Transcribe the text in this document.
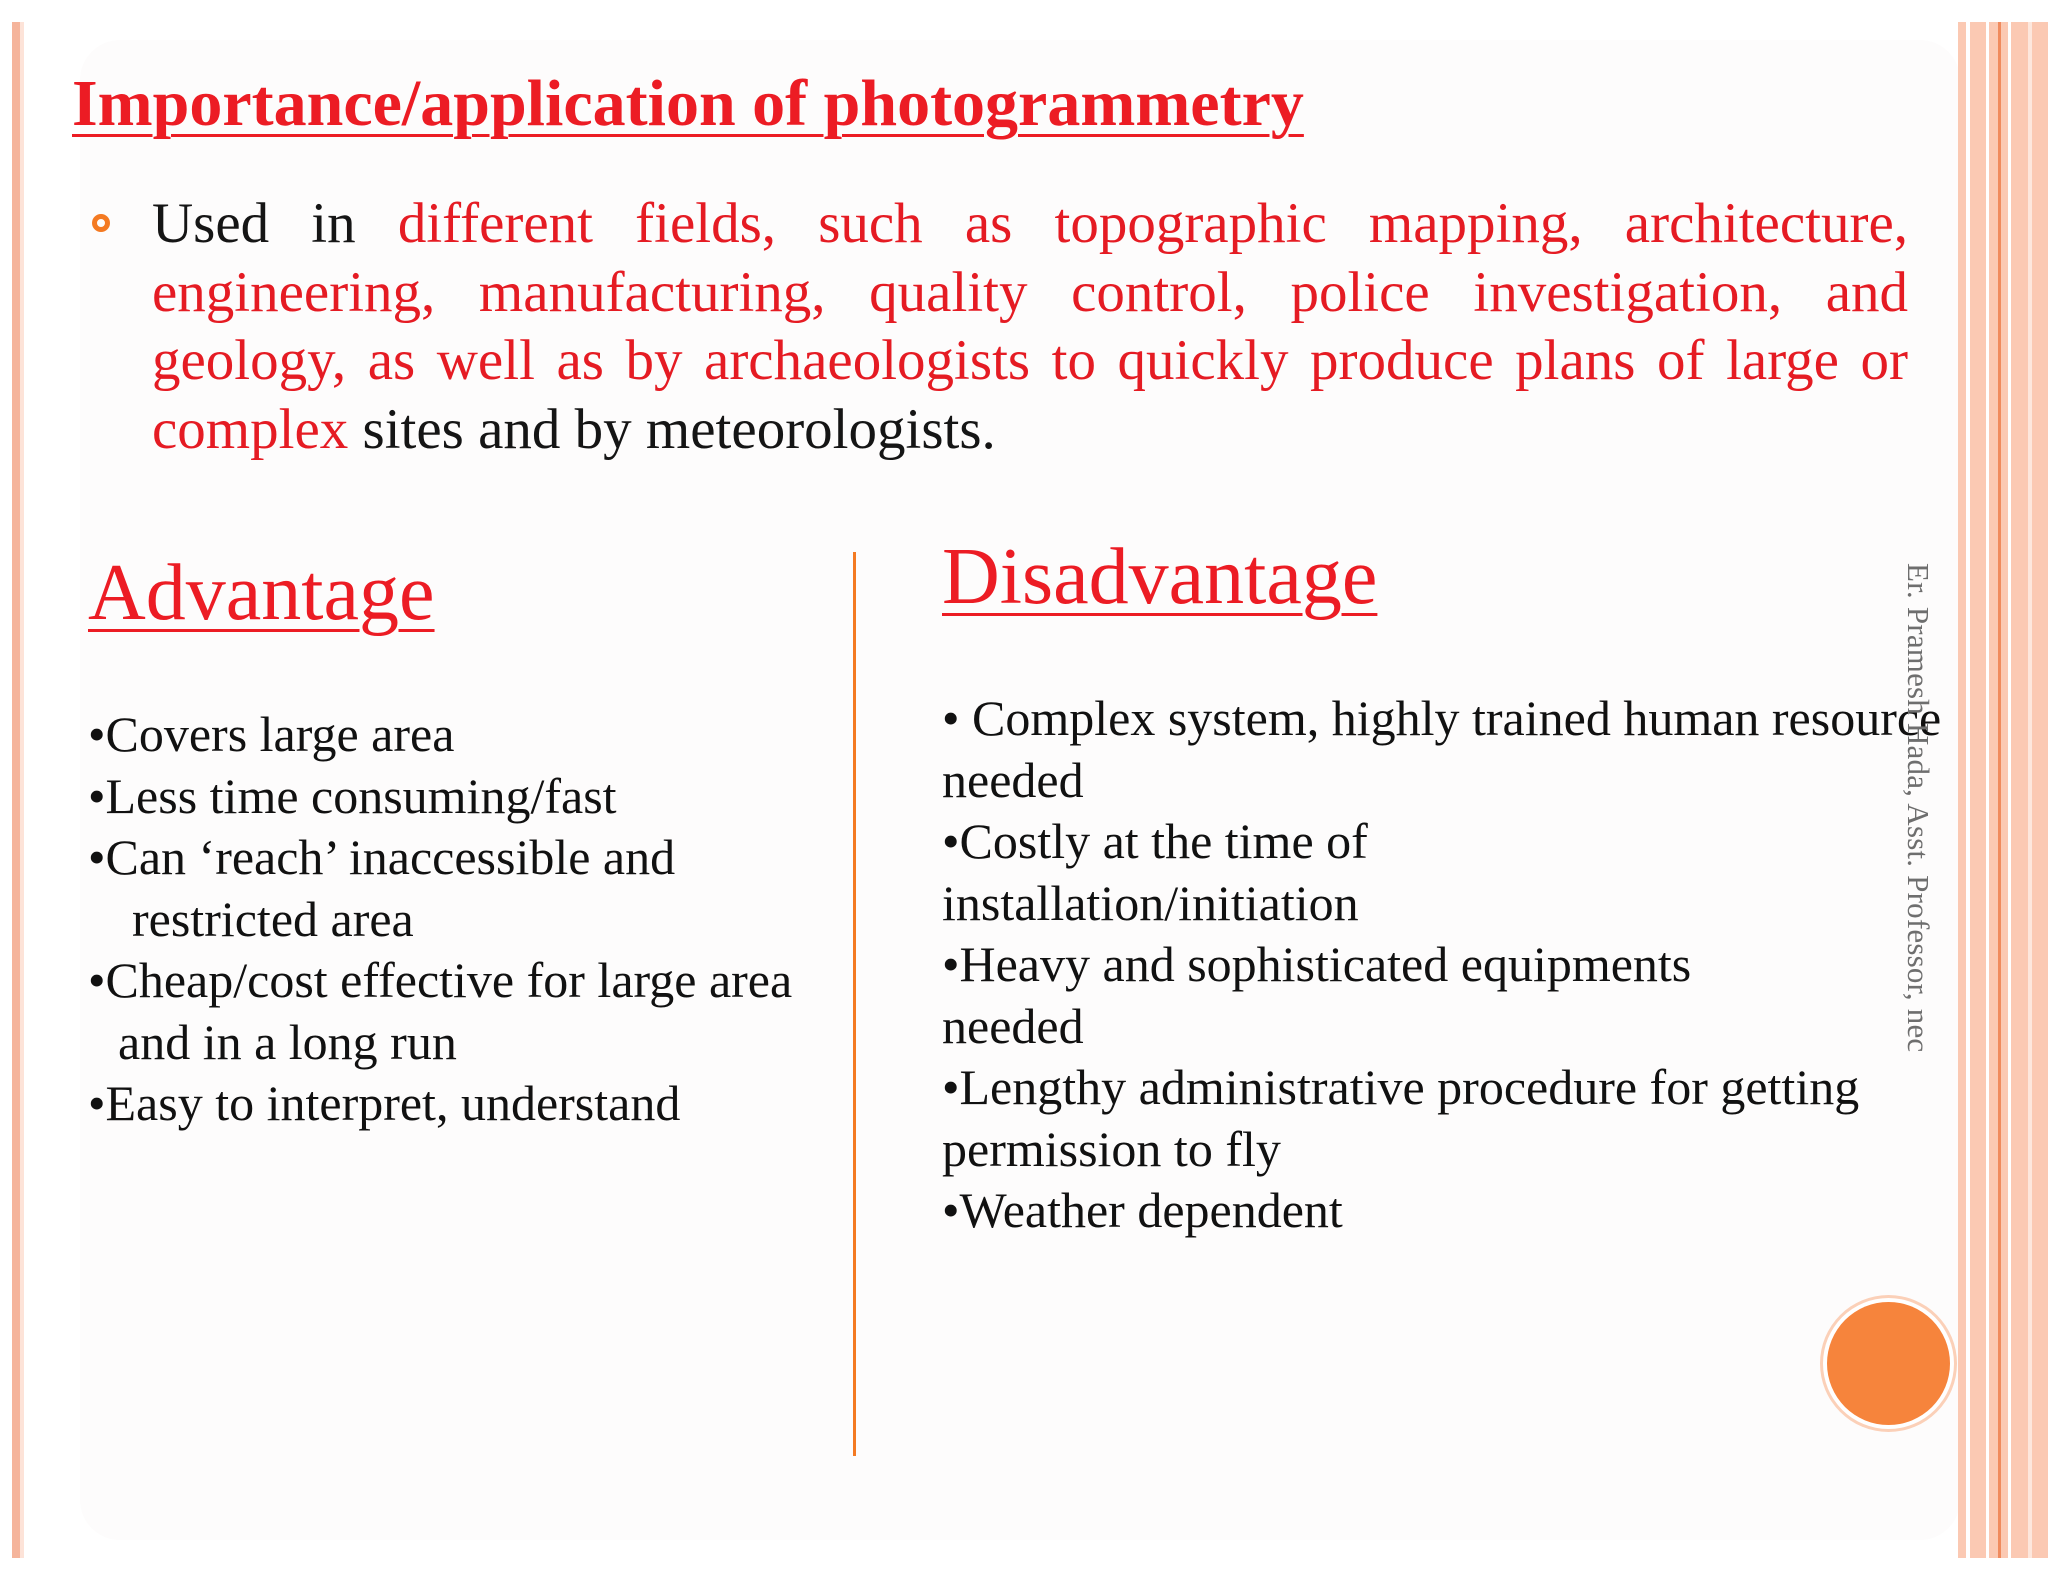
Importance/application of photogrammetry

Used in different fields, such as topographic mapping, architecture, engineering, manufacturing, quality control, police investigation, and geology, as well as by archaeologists to quickly produce plans of large or complex sites and by meteorologists.

Advantage	Disadvantage
•Covers large area
•Less time consuming/fast
•Can ‘reach’ inaccessible and restricted area
•Cheap/cost effective for large area and in a long run
•Easy to interpret, understand
• Complex system, highly trained human resource needed
•Costly at the time of installation/initiation
•Heavy and sophisticated equipments needed
•Lengthy administrative procedure for getting permission to fly
•Weather dependent
Er. Pramesh Hada, Asst. Professor, nec
